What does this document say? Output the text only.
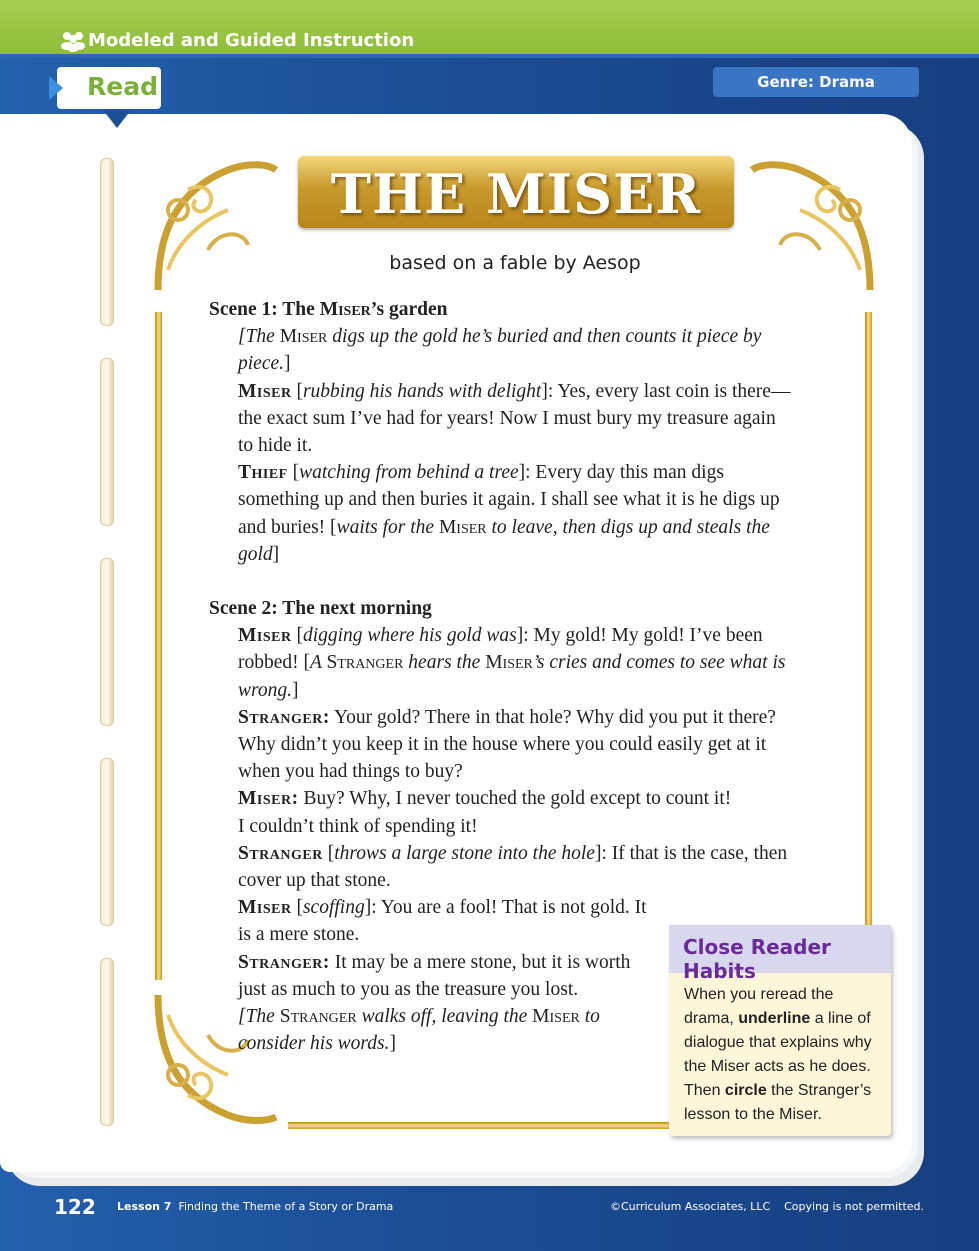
Modeled and Guided Instruction
Read	Genre: Drama
THE MISER
based on a fable by Aesop

Scene 1: The Miser’s garden

[The Miser digs up the gold he’s buried and then counts it piece by piece.]

Miser [rubbing his hands with delight]: Yes, every last coin is there—the exact sum I’ve had for years! Now I must bury my treasure again to hide it.

Thief [watching from behind a tree]: Every day this man digs something up and then buries it again. I shall see what it is he digs up and buries! [waits for the Miser to leave, then digs up and steals the gold]

Scene 2: The next morning

Miser [digging where his gold was]: My gold! My gold! I’ve been robbed! [A Stranger hears the Miser’s cries and comes to see what is wrong.]

Stranger: Your gold? There in that hole? Why did you put it there? Why didn’t you keep it in the house where you could easily get at it when you had things to buy?

Miser: Buy? Why, I never touched the gold except to count it!
I couldn’t think of spending it!

Stranger [throws a large stone into the hole]: If that is the case, then cover up that stone.

Miser [scoffing]: You are a fool! That is not gold. It is a mere stone.

Stranger: It may be a mere stone, but it is worth just as much to you as the treasure you lost.

[The Stranger walks off, leaving the Miser to consider his words.]

Close Reader Habits
When you reread the drama, underline a line of dialogue that explains why the Miser acts as he does. Then circle the Stranger’s lesson to the Miser.
122 Lesson 7 Finding the Theme of a Story or Drama	©Curriculum Associates, LLC    Copying is not permitted.
